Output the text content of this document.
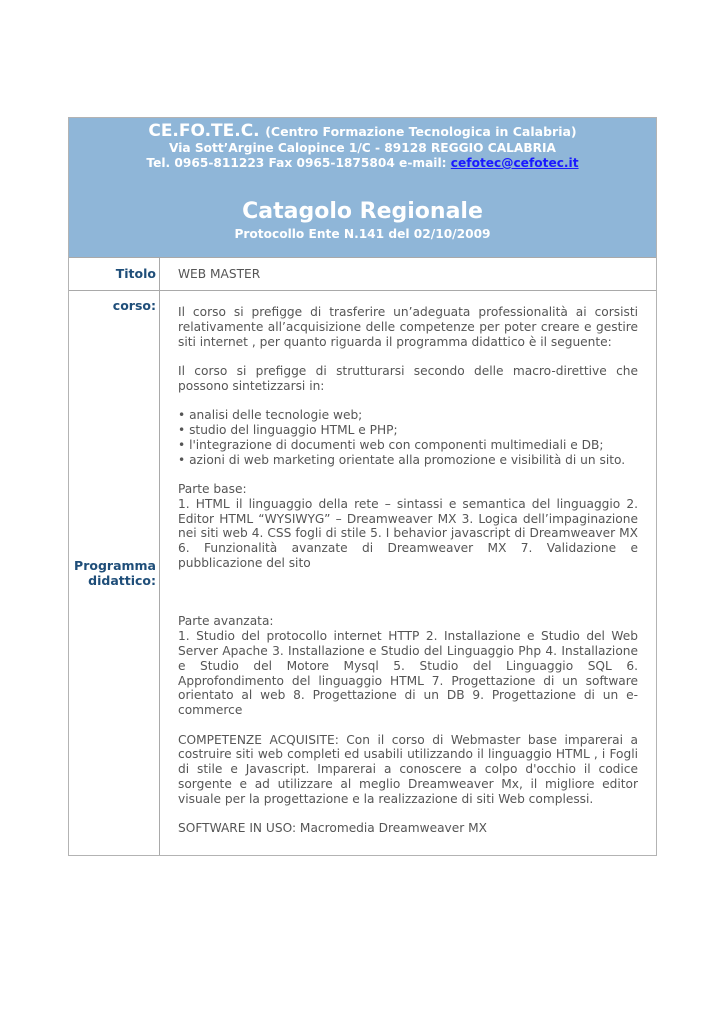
CE.FO.TE.C. (Centro Formazione Tecnologica in Calabria)
Via Sott’Argine Calopince 1/C - 89128 REGGIO CALABRIA
Tel. 0965-811223 Fax 0965-1875804 e-mail: cefotec@cefotec.it
Catagolo Regionale
Protocollo Ente N.141 del 02/10/2009
Titolo corso:
WEB MASTER
Programma
didattico:

Il corso si prefigge di trasferire un’adeguata professionalità ai corsisti relativamente all’acquisizione delle competenze per poter creare e gestire siti internet , per quanto riguarda il programma didattico è il seguente:

Il corso si prefigge di strutturarsi secondo delle macro-direttive che possono sintetizzarsi in:

• analisi delle tecnologie web;
• studio del linguaggio HTML e PHP;
• l'integrazione di documenti web con componenti multimediali e DB;
• azioni di web marketing orientate alla promozione e visibilità di un sito.
Parte base:

1. HTML il linguaggio della rete – sintassi e semantica del linguaggio 2. Editor HTML “WYSIWYG” – Dreamweaver MX 3. Logica dell’impaginazione nei siti web 4. CSS fogli di stile 5. I behavior javascript di Dreamweaver MX 6. Funzionalità avanzate di Dreamweaver MX 7. Validazione e pubblicazione del sito

Parte avanzata:

1. Studio del protocollo internet HTTP 2. Installazione e Studio del Web Server Apache 3. Installazione e Studio del Linguaggio Php 4. Installazione e Studio del Motore Mysql 5. Studio del Linguaggio SQL 6. Approfondimento del linguaggio HTML 7. Progettazione di un software orientato al web 8. Progettazione di un DB 9. Progettazione di un e-commerce

COMPETENZE ACQUISITE: Con il corso di Webmaster base imparerai a costruire siti web completi ed usabili utilizzando il linguaggio HTML , i Fogli di stile e Javascript. Imparerai a conoscere a colpo d'occhio il codice sorgente e ad utilizzare al meglio Dreamweaver Mx, il migliore editor visuale per la progettazione e la realizzazione di siti Web complessi.

SOFTWARE IN USO: Macromedia Dreamweaver MX
